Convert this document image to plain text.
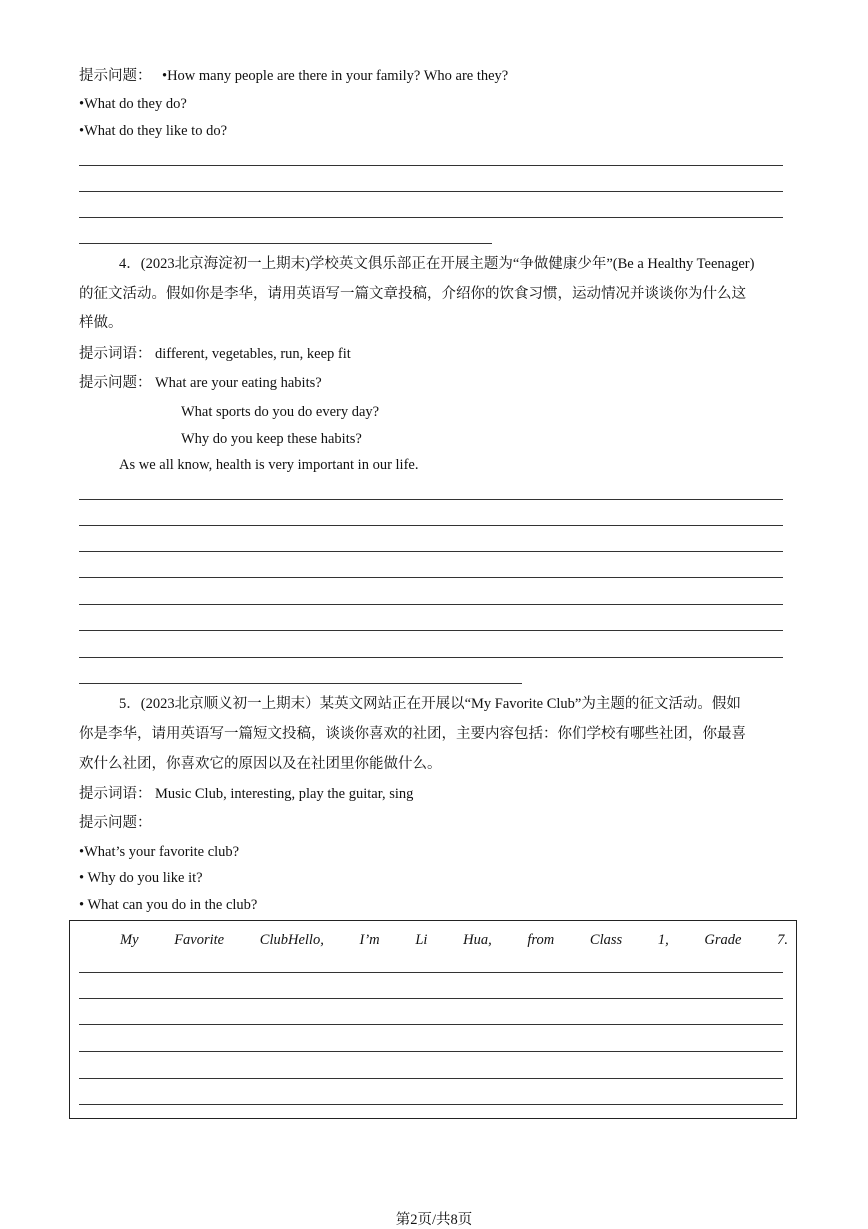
提示问题： •How many people are there in your family? Who are they?
•What do they do?
•What do they like to do?
4．(2023北京海淀初一上期末)学校英文俱乐部正在开展主题为“争做健康少年”(Be a Healthy Teenager)
的征文活动。假如你是李华，请用英语写一篇文章投稿，介绍你的饮食习惯，运动情况并谈谈你为什么这
样做。
提示词语： different, vegetables, run, keep fit
提示问题： What are your eating habits?
What sports do you do every day?
Why do you keep these habits?
As we all know, health is very important in our life.
5．(2023北京顺义初一上期末）某英文网站正在开展以“My Favorite Club”为主题的征文活动。假如
你是李华，请用英语写一篇短文投稿，谈谈你喜欢的社团，主要内容包括：你们学校有哪些社团，你最喜
欢什么社团，你喜欢它的原因以及在社团里你能做什么。
提示词语： Music Club, interesting, play the guitar, sing
提示问题：
•What’s your favorite club?
• Why do you like it?
• What can you do in the club?
My Favorite ClubHello, I’m Li Hua, from Class 1, Grade 7.
第2页/共8页
